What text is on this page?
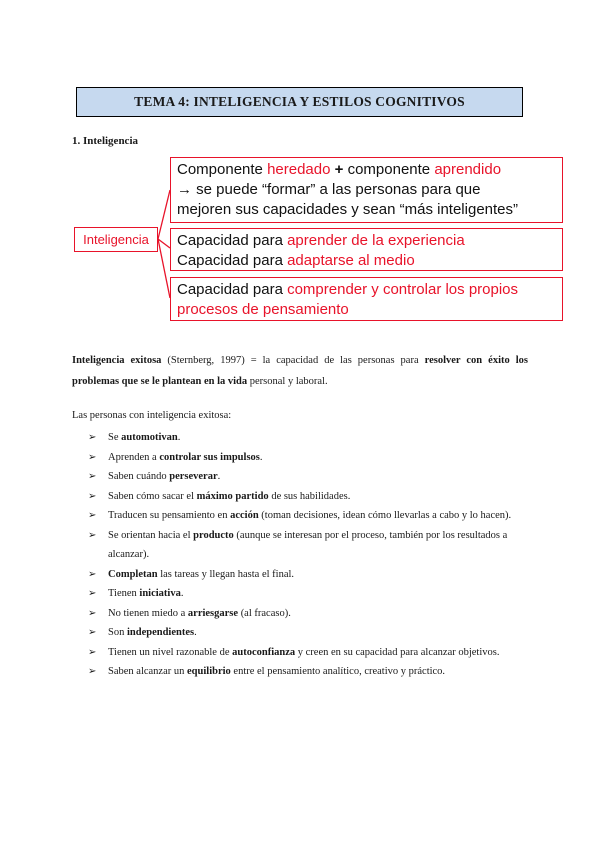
TEMA 4: INTELIGENCIA Y ESTILOS COGNITIVOS
1. Inteligencia
Inteligencia
Componente heredado + componente aprendido
→ se puede “formar” a las personas para que
mejoren sus capacidades y sean “más inteligentes”
Capacidad para aprender de la experiencia
Capacidad para adaptarse al medio
Capacidad para comprender y controlar los propios
procesos de pensamiento
Inteligencia exitosa (Sternberg, 1997) = la capacidad de las personas para resolver con éxito los problemas que se le plantean en la vida personal y laboral.
Las personas con inteligencia exitosa:
➢ Se automotivan.
➢ Aprenden a controlar sus impulsos.
➢ Saben cuándo perseverar.
➢ Saben cómo sacar el máximo partido de sus habilidades.
➢ Traducen su pensamiento en acción (toman decisiones, idean cómo llevarlas a cabo y lo hacen).
➢ Se orientan hacia el producto (aunque se interesan por el proceso, también por los resultados a alcanzar).
➢ Completan las tareas y llegan hasta el final.
➢ Tienen iniciativa.
➢ No tienen miedo a arriesgarse (al fracaso).
➢ Son independientes.
➢ Tienen un nivel razonable de autoconfianza y creen en su capacidad para alcanzar objetivos.
➢ Saben alcanzar un equilibrio entre el pensamiento analítico, creativo y práctico.
